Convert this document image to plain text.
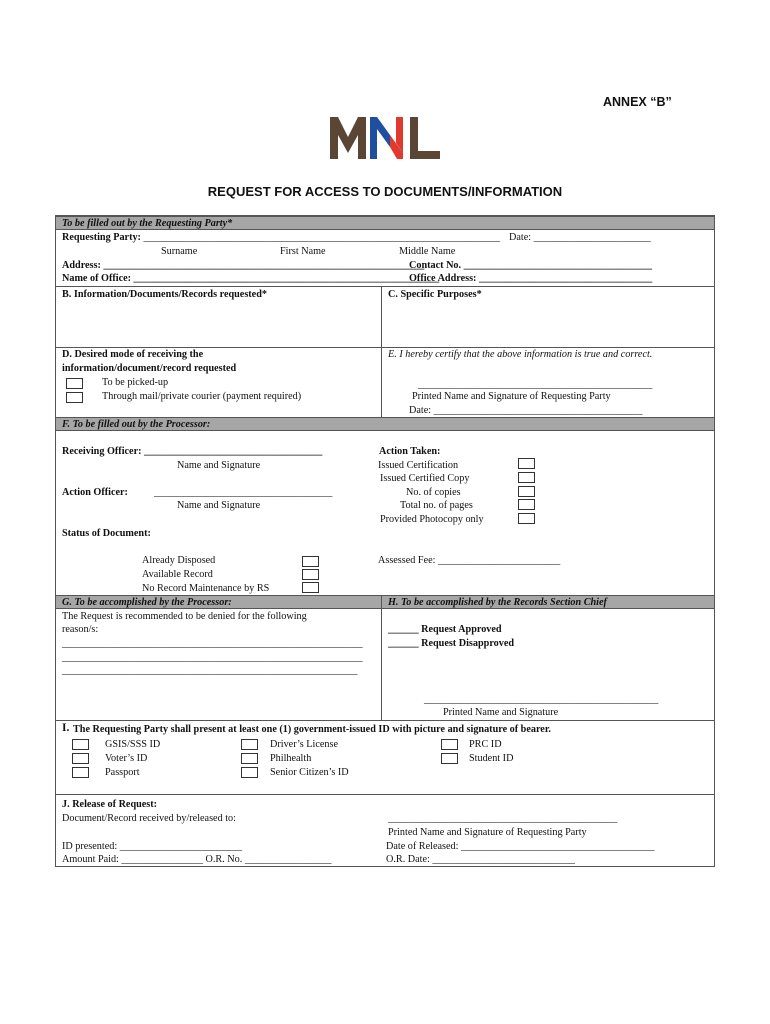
ANNEX “B”
REQUEST FOR ACCESS TO DOCUMENTS/INFORMATION
To be filled out by the Requesting Party*
Requesting Party: ______________________________________________________________________ Date: _______________________
Surname	First Name	Middle Name
Address: _______________________________________________________________
Contact No. _____________________________________
Name of Office: ____________________________________________________________
Office Address: __________________________________
B. Information/Documents/Records requested*	C. Specific Purposes*
D. Desired mode of receiving the
information/document/record requested
To be picked-up
Through mail/private courier (payment required)
E. I hereby certify that the above information is true and correct.
______________________________________________
Printed Name and Signature of Requesting Party
Date: _________________________________________
F. To be filled out by the Processor:
Receiving Officer: ___________________________________
Name and Signature
Action Officer:	___________________________________
Name and Signature
Status of Document:
Already Disposed
Available Record
No Record Maintenance by RS
Action Taken:
Issued Certification
Issued Certified Copy
No. of copies
Total no. of pages
Provided Photocopy only
Assessed Fee: ________________________
G. To be accomplished by the Processor:	H. To be accomplished by the Records Section Chief
The Request is recommended to be denied for the following
reason/s:
___________________________________________________________
___________________________________________________________
__________________________________________________________
______ Request Approved
______ Request Disapproved
______________________________________________
Printed Name and Signature
I. The Requesting Party shall present at least one (1) government-issued ID with picture and signature of bearer.
GSIS/SSS ID
Voter’s ID
Passport
Driver’s License
Philhealth
Senior Citizen’s ID
PRC ID
Student ID
J. Release of Request:
Document/Record received by/released to:	_____________________________________________
Printed Name and Signature of Requesting Party
ID presented: ________________________	Date of Released: ______________________________________
Amount Paid: ________________ O.R. No. _________________	O.R. Date: ____________________________
